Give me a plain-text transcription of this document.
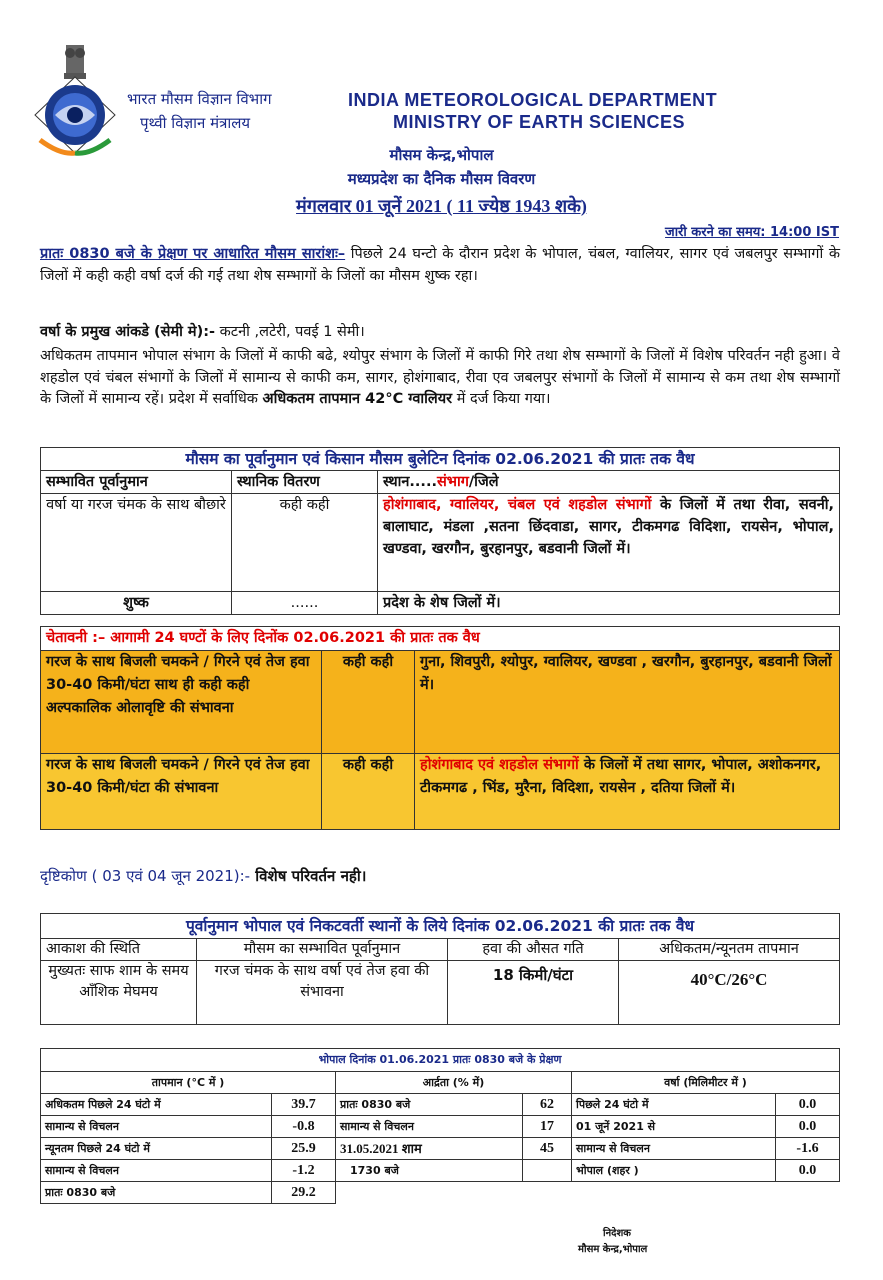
भारत मौसम विज्ञान विभाग
पृथ्वी विज्ञान मंत्रालय
INDIA METEOROLOGICAL DEPARTMENT
MINISTRY OF EARTH SCIENCES
मौसम केन्द्र,भोपाल
मध्यप्रदेश का दैनिक मौसम विवरण
मंगलवार 01 जूनें 2021 ( 11 ज्येष्ठ 1943 शके)
जारी करने का समय: 14:00 IST
प्रातः 0830 बजे के प्रेक्षण पर आधारित मौसम सारांशः– पिछले 24 घन्टो के दौरान प्रदेश के भोपाल, चंबल, ग्वालियर, सागर एवं जबलपुर सम्भागों के जिलों में कही कही वर्षा दर्ज की गई तथा शेष सम्भागों के जिलों का मौसम शुष्क रहा।
वर्षा के प्रमुख आंकडे (सेमी मे):- कटनी ,लटेरी, पवई 1 सेमी।
अधिकतम तापमान भोपाल संभाग के जिलों में काफी बढे, श्योपुर संभाग के जिलों में काफी गिरे तथा शेष सम्भागों के जिलों में विशेष परिवर्तन नही हुआ। वे शहडोल एवं चंबल संभागों के जिलों में सामान्य से काफी कम, सागर, होशंगाबाद, रीवा एव जबलपुर संभागों के जिलों में सामान्य से कम तथा शेष सम्भागों के जिलों में सामान्य रहें। प्रदेश में सर्वाधिक अधिकतम तापमान 42°C ग्वालियर में दर्ज किया गया।
मौसम का पूर्वानुमान एवं किसान मौसम बुलेटिन दिनांक 02.06.2021 की प्रातः तक वैध		
सम्भावित पूर्वानुमान	स्थानिक वितरण	स्थान.....संभाग/जिले
वर्षा या गरज चंमक के साथ बौछारे	कही कही	होशंगाबाद, ग्वालियर, चंबल एवं शहडोल संभागों के जिलों में तथा रीवा, सवनी, बालाघाट, मंडला ,सतना छिंदवाडा, सागर, टीकमगढ विदिशा, रायसेन, भोपाल, खण्डवा, खरगौन, बुरहानपुर, बडवानी जिलों में।
शुष्क	......	प्रदेश के शेष जिलों में।
चेतावनी :– आगामी 24 घण्टों के लिए दिनोंक 02.06.2021 की प्रातः तक वैध		
गरज के साथ बिजली चमकने / गिरने एवं तेज हवा 30-40 किमी/घंटा साथ ही कही कही अल्पकालिक ओलावृष्टि की संभावना	कही कही	गुना, शिवपुरी, श्योपुर, ग्वालियर, खण्डवा , खरगौन, बुरहानपुर, बडवानी जिलों में।
गरज के साथ बिजली चमकने / गिरने एवं तेज हवा 30-40 किमी/घंटा की संभावना	कही कही	होशंगाबाद एवं शहडोल संभागों के जिलों में तथा सागर, भोपाल, अशोकनगर, टीकमगढ , भिंड, मुरैना, विदिशा, रायसेन , दतिया जिलों में।
दृष्टिकोण ( 03 एवं 04 जून 2021):- विशेष परिवर्तन नही।
पूर्वानुमान भोपाल एवं निकटवर्ती स्थानों के लिये दिनांक 02.06.2021 की प्रातः तक वैध			
आकाश की स्थिति	मौसम का सम्भावित पूर्वानुमान	हवा की औसत गति	अधिकतम/न्यूनतम तापमान
मुख्यतः साफ शाम के समय आँशिक मेघमय	गरज चंमक के साथ वर्षा एवं तेज हवा की संभावना	18 किमी/घंटा	40°C/26°C
भोपाल दिनांक 01.06.2021 प्रातः 0830 बजे के प्रेक्षण					
तापमान (°C में )		आर्द्रता (% में)		वर्षा (मिलिमीटर में )	
अधिकतम पिछले 24 घंटो में	39.7	प्रातः 0830 बजे	62	पिछले 24 घंटो में	0.0
सामान्य से विचलन	-0.8	सामान्य से विचलन	17	01 जूनें 2021 से	0.0
न्यूनतम पिछले 24 घंटो में	25.9	31.05.2021 शाम	45	सामान्य से विचलन	-1.6
सामान्य से विचलन	-1.2	1730 बजे		भोपाल (शहर )	0.0
प्रातः 0830 बजे	29.2				
निदेशक
मौसम केन्द्र,भोपाल
